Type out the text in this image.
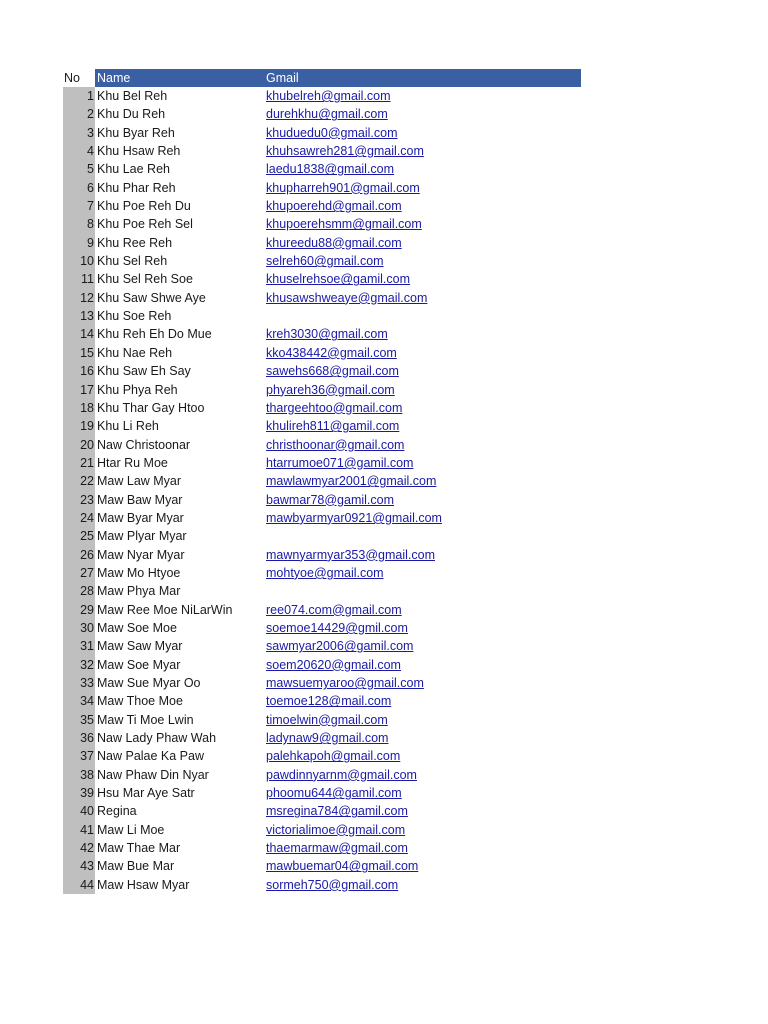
No	Name	Gmail
1 Khu Bel Reh	khubelreh@gmail.com
2 Khu Du Reh	durehkhu@gmail.com
3 Khu Byar Reh	khuduedu0@gmail.com
4 Khu Hsaw Reh	khuhsawreh281@gmail.com
5 Khu Lae Reh	laedu1838@gmail.com
6 Khu Phar Reh	khupharreh901@gmail.com
7 Khu Poe Reh Du	khupoerehd@gmail.com
8 Khu Poe Reh Sel	khupoerehsmm@gmail.com
9 Khu Ree Reh	khureedu88@gmail.com
10 Khu Sel Reh	selreh60@gmail.com
11 Khu Sel Reh Soe	khuselrehsoe@gamil.com
12 Khu Saw Shwe Aye	khusawshweaye@gmail.com
13 Khu Soe Reh
14 Khu Reh Eh Do Mue	kreh3030@gmail.com
15 Khu Nae Reh	kko438442@gmail.com
16 Khu Saw Eh Say	sawehs668@gmail.com
17 Khu Phya Reh	phyareh36@gmail.com
18 Khu Thar Gay Htoo	thargeehtoo@gmail.com
19 Khu Li Reh	khulireh811@gamil.com
20 Naw Christoonar	christhoonar@gmail.com
21 Htar Ru Moe	htarrumoe071@gamil.com
22 Maw Law Myar	mawlawmyar2001@gmail.com
23 Maw Baw Myar	bawmar78@gamil.com
24 Maw Byar Myar	mawbyarmyar0921@gmail.com
25 Maw Plyar Myar
26 Maw Nyar Myar	mawnyarmyar353@gmail.com
27 Maw Mo Htyoe	mohtyoe@gmail.com
28 Maw Phya Mar
29 Maw Ree Moe NiLarWin	ree074.com@gmail.com
30 Maw Soe Moe	soemoe14429@gmil.com
31 Maw Saw Myar	sawmyar2006@gamil.com
32 Maw Soe Myar	soem20620@gmail.com
33 Maw Sue Myar Oo	mawsuemyaroo@gmail.com
34 Maw Thoe Moe	toemoe128@mail.com
35 Maw Ti Moe Lwin	timoelwin@gmail.com
36 Naw Lady Phaw Wah	ladynaw9@gmail.com
37 Naw Palae Ka Paw	palehkapoh@gmail.com
38 Naw Phaw Din Nyar	pawdinnyarnm@gmail.com
39 Hsu Mar Aye Satr	phoomu644@gamil.com
40 Regina	msregina784@gamil.com
41 Maw Li Moe	victorialimoe@gmail.com
42 Maw Thae Mar	thaemarmaw@gmail.com
43 Maw Bue Mar	mawbuemar04@gmail.com
44 Maw Hsaw Myar	sormeh750@gmail.com
